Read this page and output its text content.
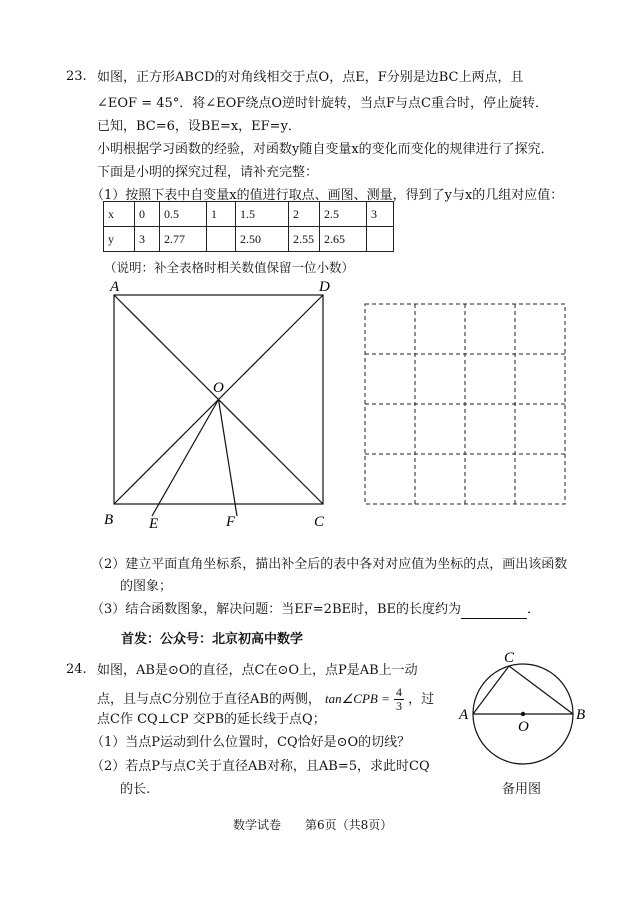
23. 如图，正方形ABCD的对角线相交于点O，点E，F分别是边BC上两点，且
∠EOF = 45°．将∠EOF绕点O逆时针旋转，当点F与点C重合时，停止旋转．
已知，BC=6，设BE=x，EF=y．
小明根据学习函数的经验，对函数y随自变量x的变化而变化的规律进行了探究．
下面是小明的探究过程，请补充完整：
（1）按照下表中自变量x的值进行取点、画图、测量，得到了y与x的几组对应值：
x	0	0.5	1	1.5	2	2.5	3
y	3	2.77		2.50	2.55	2.65	
（说明：补全表格时相关数值保留一位小数）
A	D
O
B E	F	C
（2）建立平面直角坐标系，描出补全后的表中各对对应值为坐标的点，画出该函数
的图象；
（3）结合函数图象，解决问题：当EF=2BE时，BE的长度约为	．
首发：公众号：北京初高中数学
24. 如图，AB是⊙O的直径，点C在⊙O上，点P是AB上一动
点，且与点C分别位于直径AB的两侧， tan∠CPB = $\frac{4}{3}$ ，过
点C作 CQ⊥CP 交PB的延长线于点Q；
（1）当点P运动到什么位置时，CQ恰好是⊙O的切线？
（2）若点P与点C关于直径AB对称，且AB=5，求此时CQ
的长.
A	B
C
O
备用图
数学试卷　　第6页（共8页）
